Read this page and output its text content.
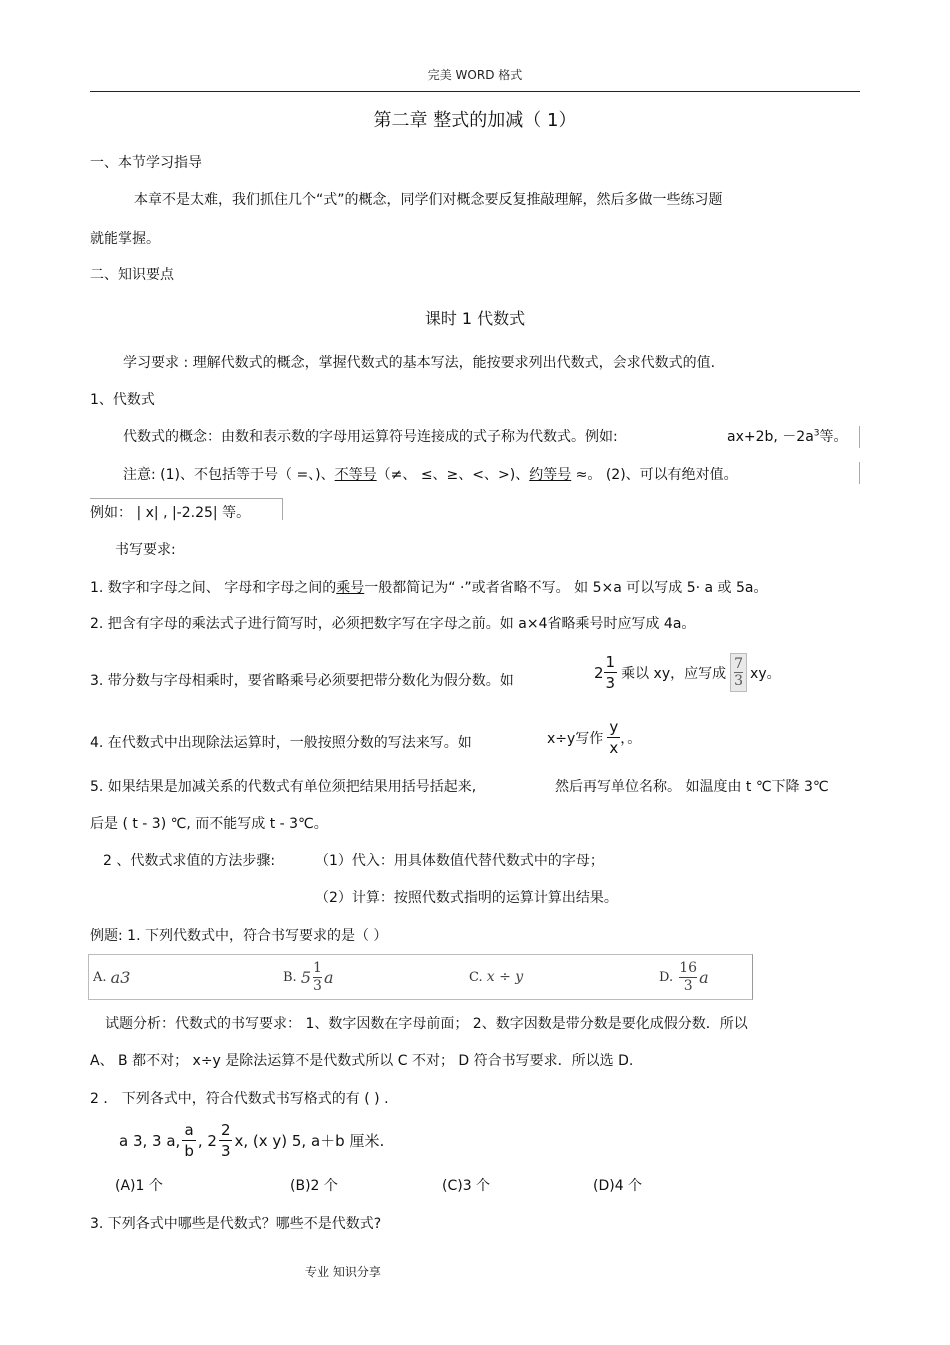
完美 WORD 格式
第二章 整式的加减（ 1）
一、本节学习指导
本章不是太难，我们抓住几个“式”的概念，同学们对概念要反复推敲理解，然后多做一些练习题
就能掌握。
二、知识要点
课时 1 代数式
学习要求 : 理解代数式的概念，掌握代数式的基本写法，能按要求列出代数式，会求代数式的值.
1、代数式
代数式的概念：由数和表示数的字母用运算符号连接成的式子称为代数式。例如:	ax+2b, $-2a^3$等。
注意: (1)、不包括等于号（ =、)、不等号（≠、 ≤、≥、<、>)、约等号 ≈。 (2)、可以有绝对值。
例如： | x| , |-2.25| 等。
书写要求:
1. 数字和字母之间、 字母和字母之间的乘号一般都简记为“ ·”或者省略不写。 如 5×a 可以写成 5· a 或 5a。
2. 把含有字母的乘法式子进行简写时，必须把数字写在字母之前。如 a×4省略乘号时应写成 4a。
3. 带分数与字母相乘时，要省略乘号必须要把带分数化为假分数。如	$2 \frac{1}{3}$ 乘以 xy，应写成
7
3 xy。
4. 在代数式中出现除法运算时，一般按照分数的写法来写。如	x÷y写作 $\frac{y}{x}$ ，。
5. 如果结果是加减关系的代数式有单位须把结果用括号括起来,	然后再写单位名称。 如温度由 t ℃下降 3℃
后是 ( t - 3) ℃, 而不能写成 t - 3℃。
2 、代数式求值的方法步骤:	（1）代入：用具体数值代替代数式中的字母；
（2）计算：按照代数式指明的运算计算出结果。
例题: 1. 下列代数式中，符合书写要求的是（ ）
A.
a3	B.
5 1
3 a	C.
x ÷ y	D.

16
3 a
试题分析：代数式的书写要求： 1、数字因数在字母前面； 2、数字因数是带分数是要化成假分数．所以
A、 B 都不对； x÷y 是除法运算不是代数式所以 C 不对； D 符合书写要求．所以选 D.
2 ． 下列各式中，符合代数式书写格式的有 ( ) .
a 3, 3 a, $\frac{a}{b}$ , $2 \frac{2}{3} x$, (x y) 5, a＋b 厘米.
(A)1 个	(B)2 个	(C)3 个	(D)4 个
3. 下列各式中哪些是代数式？哪些不是代数式?
专业 知识分享
